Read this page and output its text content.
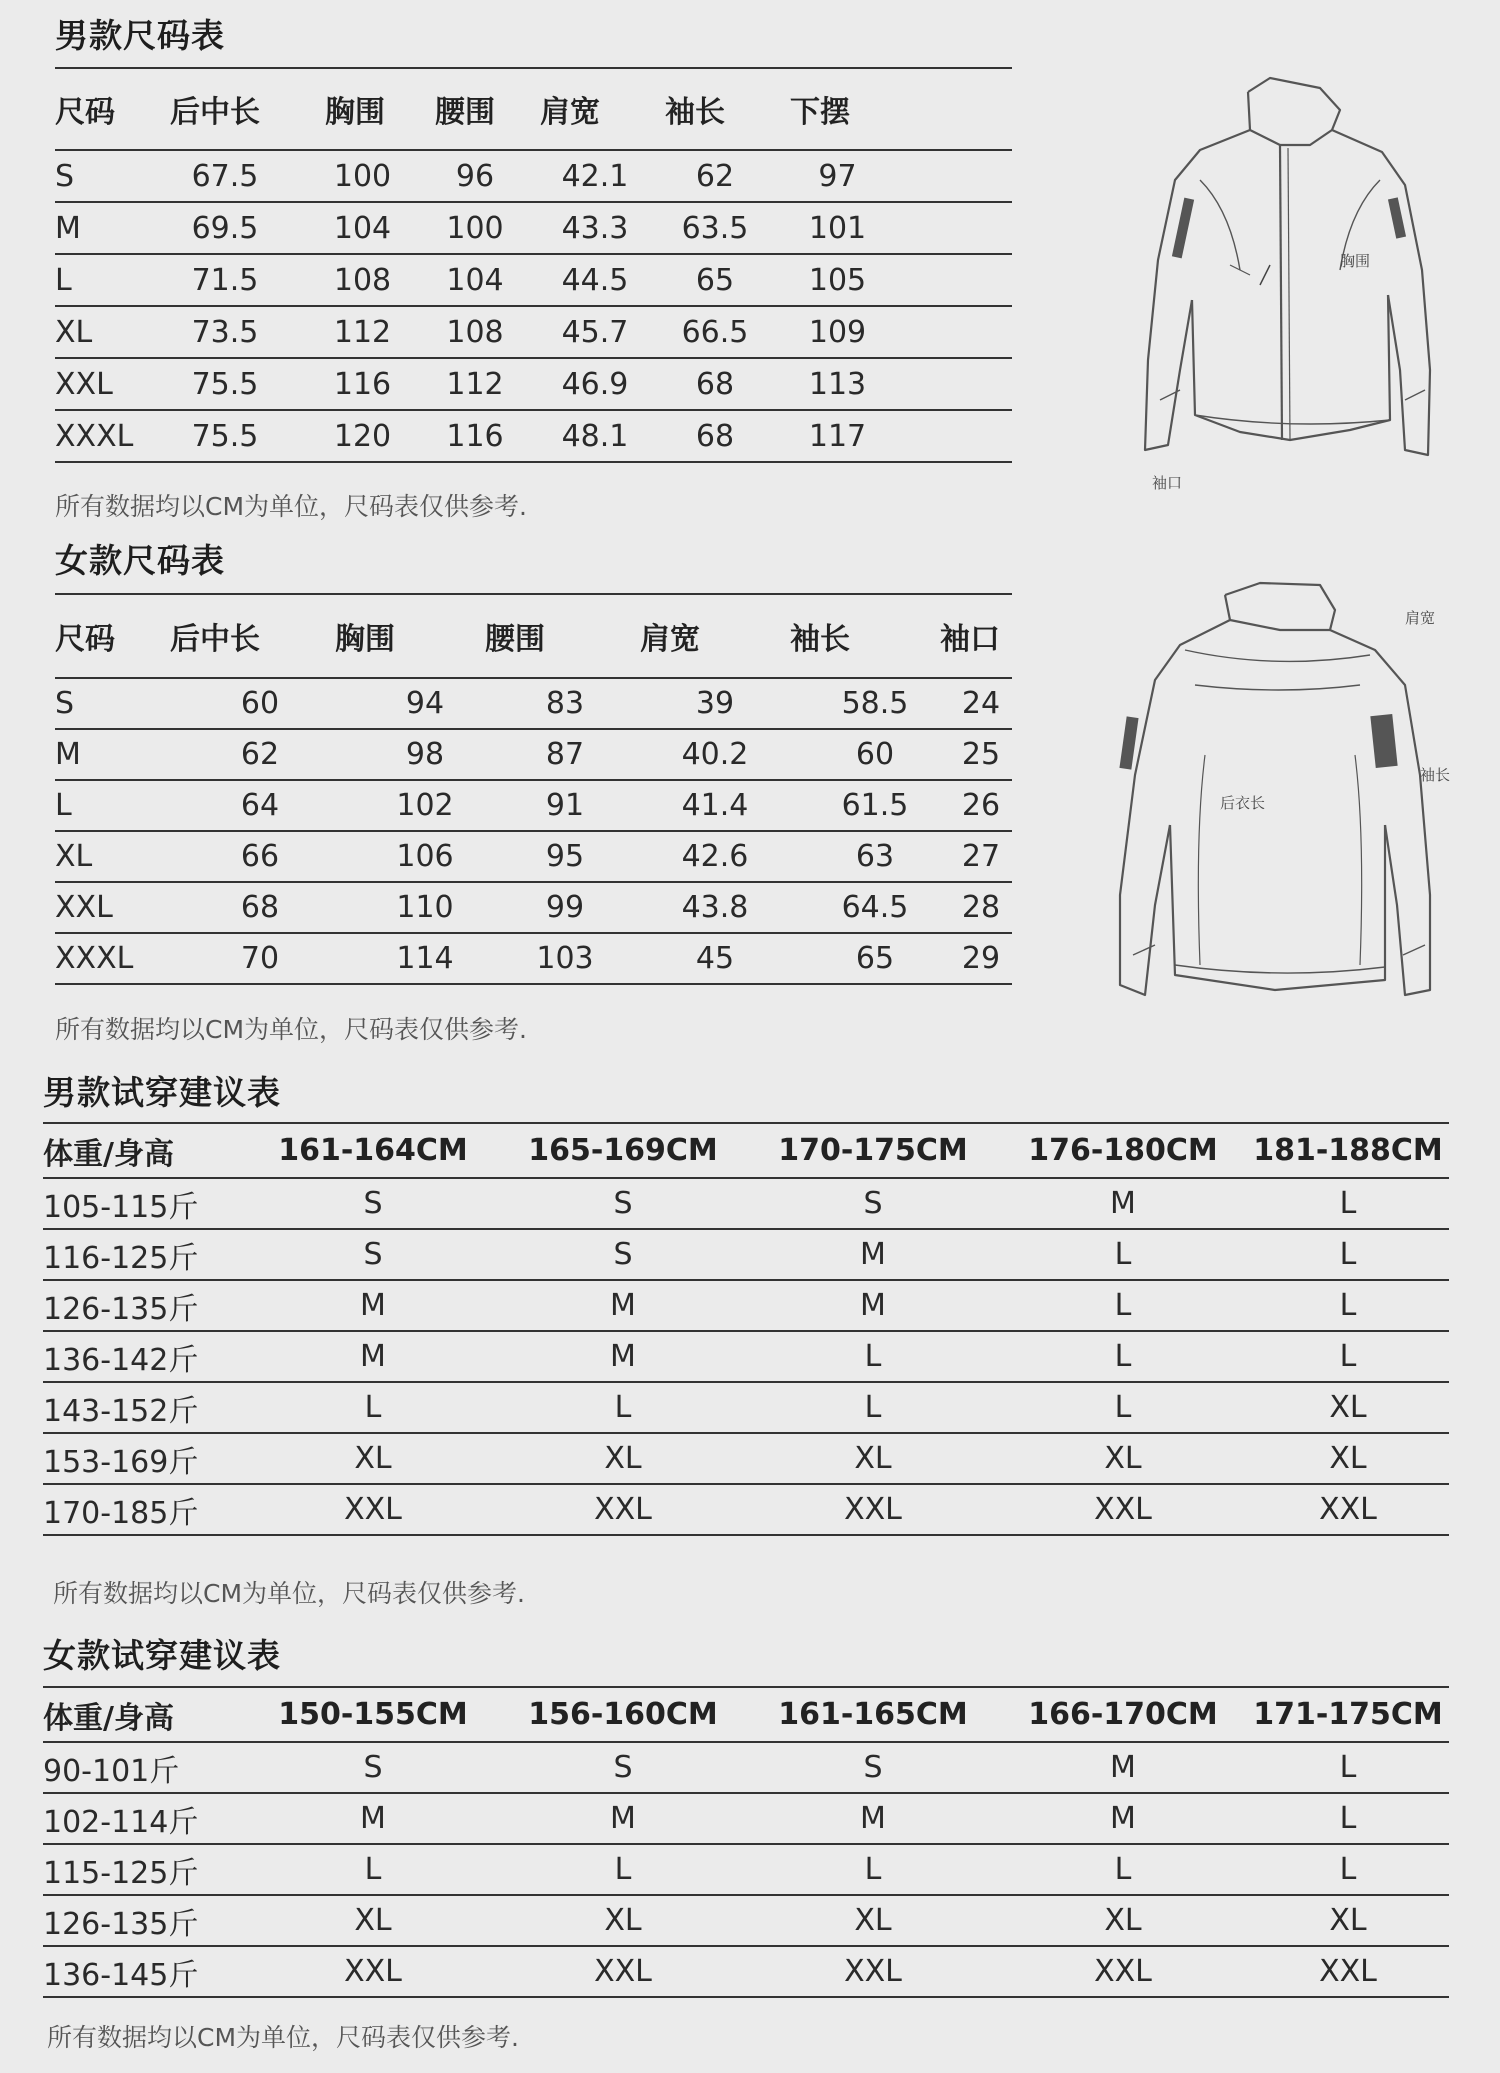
男款尺码表
尺码	后中长	胸围	腰围	肩宽	袖长	下摆
S	67.5	100	96	42.1	62	97
M	69.5	104	100	43.3	63.5	101
L	71.5	108	104	44.5	65	105
XL	73.5	112	108	45.7	66.5	109
XXL	75.5	116	112	46.9	68	113
XXXL	75.5	120	116	48.1	68	117
所有数据均以CM为单位，尺码表仅供参考.
女款尺码表
尺码	后中长	胸围	腰围	肩宽	袖长	袖口
S	60	94	83	39	58.5	24
M	62	98	87	40.2	60	25
L	64	102	91	41.4	61.5	26
XL	66	106	95	42.6	63	27
XXL	68	110	99	43.8	64.5	28
XXXL	70	114	103	45	65	29
所有数据均以CM为单位，尺码表仅供参考.
男款试穿建议表
体重/身高	161-164CM	165-169CM	170-175CM	176-180CM	181-188CM
105-115斤	S	S	S	M	L
116-125斤	S	S	M	L	L
126-135斤	M	M	M	L	L
136-142斤	M	M	L	L	L
143-152斤	L	L	L	L	XL
153-169斤	XL	XL	XL	XL	XL
170-185斤	XXL	XXL	XXL	XXL	XXL
所有数据均以CM为单位，尺码表仅供参考.
女款试穿建议表
体重/身高	150-155CM	156-160CM	161-165CM	166-170CM	171-175CM
90-101斤	S	S	S	M	L
102-114斤	M	M	M	M	L
115-125斤	L	L	L	L	L
126-135斤	XL	XL	XL	XL	XL
136-145斤	XXL	XXL	XXL	XXL	XXL
所有数据均以CM为单位，尺码表仅供参考.
胸围
袖口
肩宽
袖长
后衣长
